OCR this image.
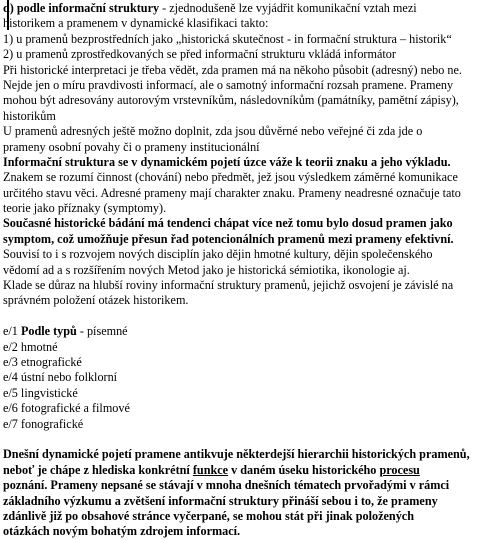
d) podle informační struktury - zjednodušeně lze vyjádřit komunikační vztah mezi
historikem a pramenem v dynamické klasifikaci takto:
1) u pramenů bezprostředních jako „historická skutečnost - in formační struktura – historik“
2) u pramenů zprostředkovaných se před informační strukturu vkládá informátor
Při historické interpretaci je třeba vědět, zda pramen má na někoho působit (adresný) nebo ne.
Nejde jen o míru pravdivosti informací, ale o samotný informační rozsah pramene. Prameny
mohou být adresovány autorovým vrstevníkům, následovníkům (památníky, pamětní zápisy),
historikům
U pramenů adresných ještě možno doplnit, zda jsou důvěrné nebo veřejné či zda jde o
prameny osobní povahy či o prameny institucionální
Informační struktura se v dynamickém pojetí úzce váže k teorii znaku a jeho výkladu.
Znakem se rozumí činnost (chování) nebo předmět, jež jsou výsledkem záměrné komunikace
určitého stavu věci. Adresné prameny mají charakter znaku. Prameny neadresné označuje tato
teorie jako příznaky (symptomy).
Současné historické bádání má tendenci chápat více než tomu bylo dosud pramen jako
symptom, což umožňuje přesun řad potencionálních pramenů mezi prameny efektivní.
Souvisí to i s rozvojem nových disciplín jako dějin hmotné kultury, dějin společenského
vědomí ad a s rozšířením nových Metod jako je historická sémiotika, ikonologie aj.
Klade se důraz na hlubší roviny informační struktury pramenů, jejichž osvojení je závislé na
správném položení otázek historikem.
e/1 Podle typů - písemné
e/2 hmotné
e/3 etnografické
e/4 ústní nebo folklorní
e/5 lingvistické
e/6 fotografické a filmové
e/7 fonografické
Dnešní dynamické pojetí pramene antikvuje některdejší hierarchii historických pramenů,
neboť je chápe z hlediska konkrétní funkce v daném úseku historického procesu
poznání. Prameny nepsané se stávají v mnoha dnešních tématech prvořadými v rámci
základního výzkumu a zvětšení informační struktury přináší sebou i to, že prameny
zdánlivě již po obsahové stránce vyčerpané, se mohou stát při jinak položených
otázkách novým bohatým zdrojem informací.
